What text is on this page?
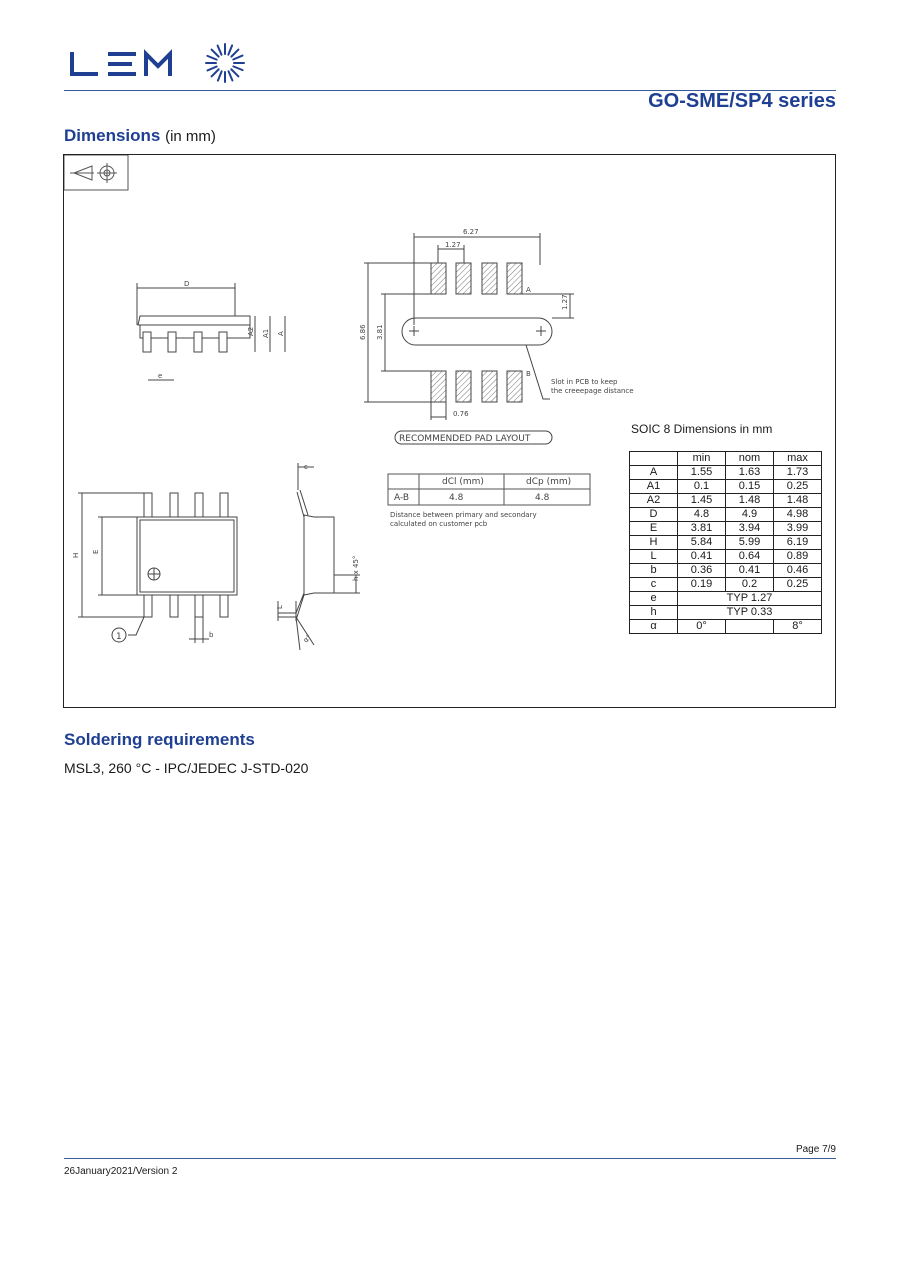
GO-SME/SP4 series
Dimensions (in mm)
D
A2 A1 A
e
6.27
1.27
6.86 3.81
1.27
A
B
0.76
Slot in PCB to keep
the creeepage distance
RECOMMENDED PAD LAYOUT
dCl (mm)	dCp (mm)
A-B	4.8	4.8
Distance between primary and secondary
calculated on customer pcb
1
H
E
b
c
h x 45°
L
α°
SOIC 8 Dimensions in mm
	min	nom	max
A	1.55	1.63	1.73
A1	0.1	0.15	0.25
A2	1.45	1.48	1.48
D	4.8	4.9	4.98
E	3.81	3.94	3.99
H	5.84	5.99	6.19
L	0.41	0.64	0.89
b	0.36	0.41	0.46
c	0.19	0.2	0.25
e	TYP 1.27		
h	TYP 0.33		
α	0°		8°
Soldering requirements
MSL3, 260 °C - IPC/JEDEC J-STD-020
Page 7/9
26January2021/Version 2
